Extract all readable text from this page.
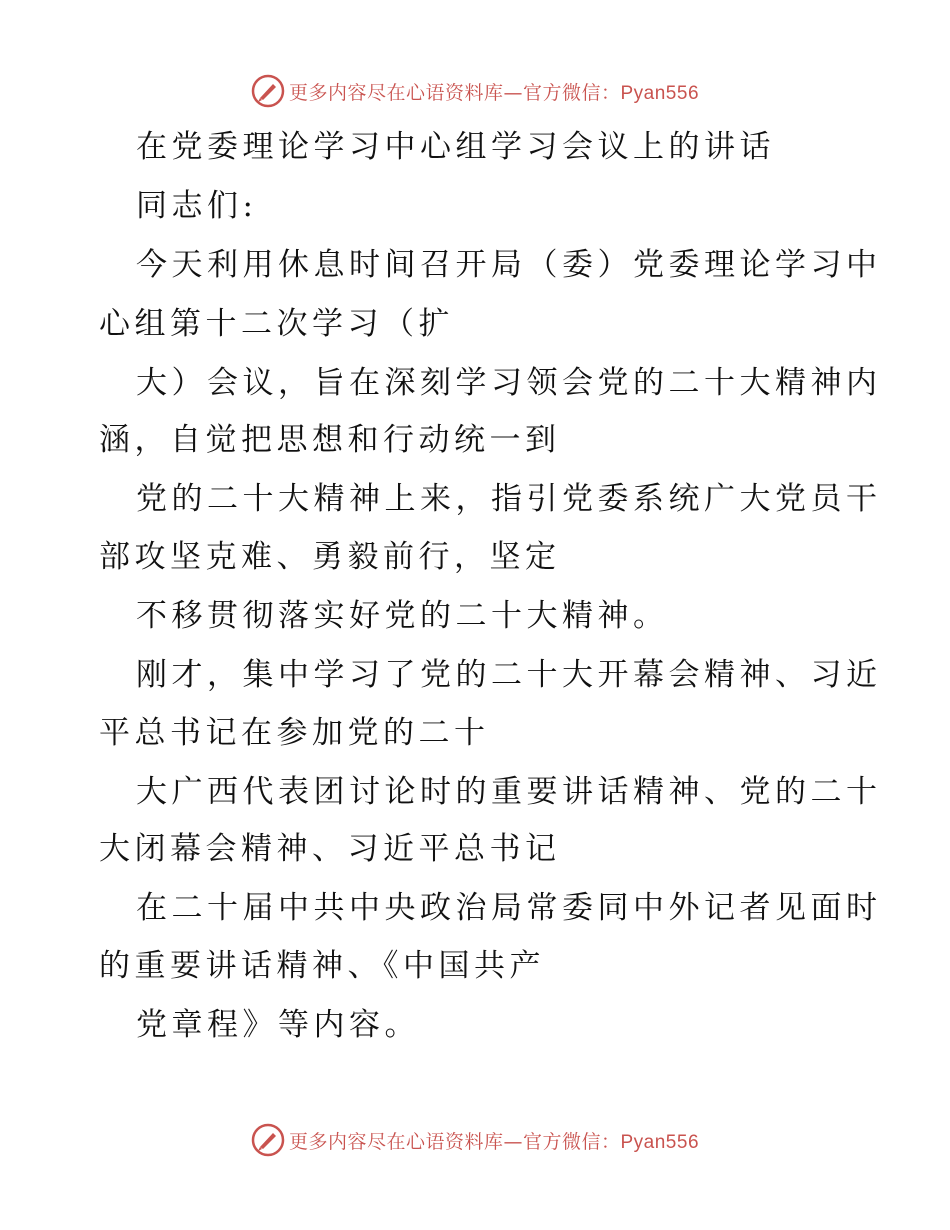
更多内容尽在心语资料库—官方微信：Pyan556
在党委理论学习中心组学习会议上的讲话
同志们:
今天利用休息时间召开局（委）党委理论学习中
心组第十二次学习（扩
大）会议，旨在深刻学习领会党的二十大精神内
涵，自觉把思想和行动统一到
党的二十大精神上来，指引党委系统广大党员干
部攻坚克难、勇毅前行，坚定
不移贯彻落实好党的二十大精神。
刚才，集中学习了党的二十大开幕会精神、习近
平总书记在参加党的二十
大广西代表团讨论时的重要讲话精神、党的二十
大闭幕会精神、习近平总书记
在二十届中共中央政治局常委同中外记者见面时
的重要讲话精神、《中国共产
党章程》等内容。
更多内容尽在心语资料库—官方微信：Pyan556
